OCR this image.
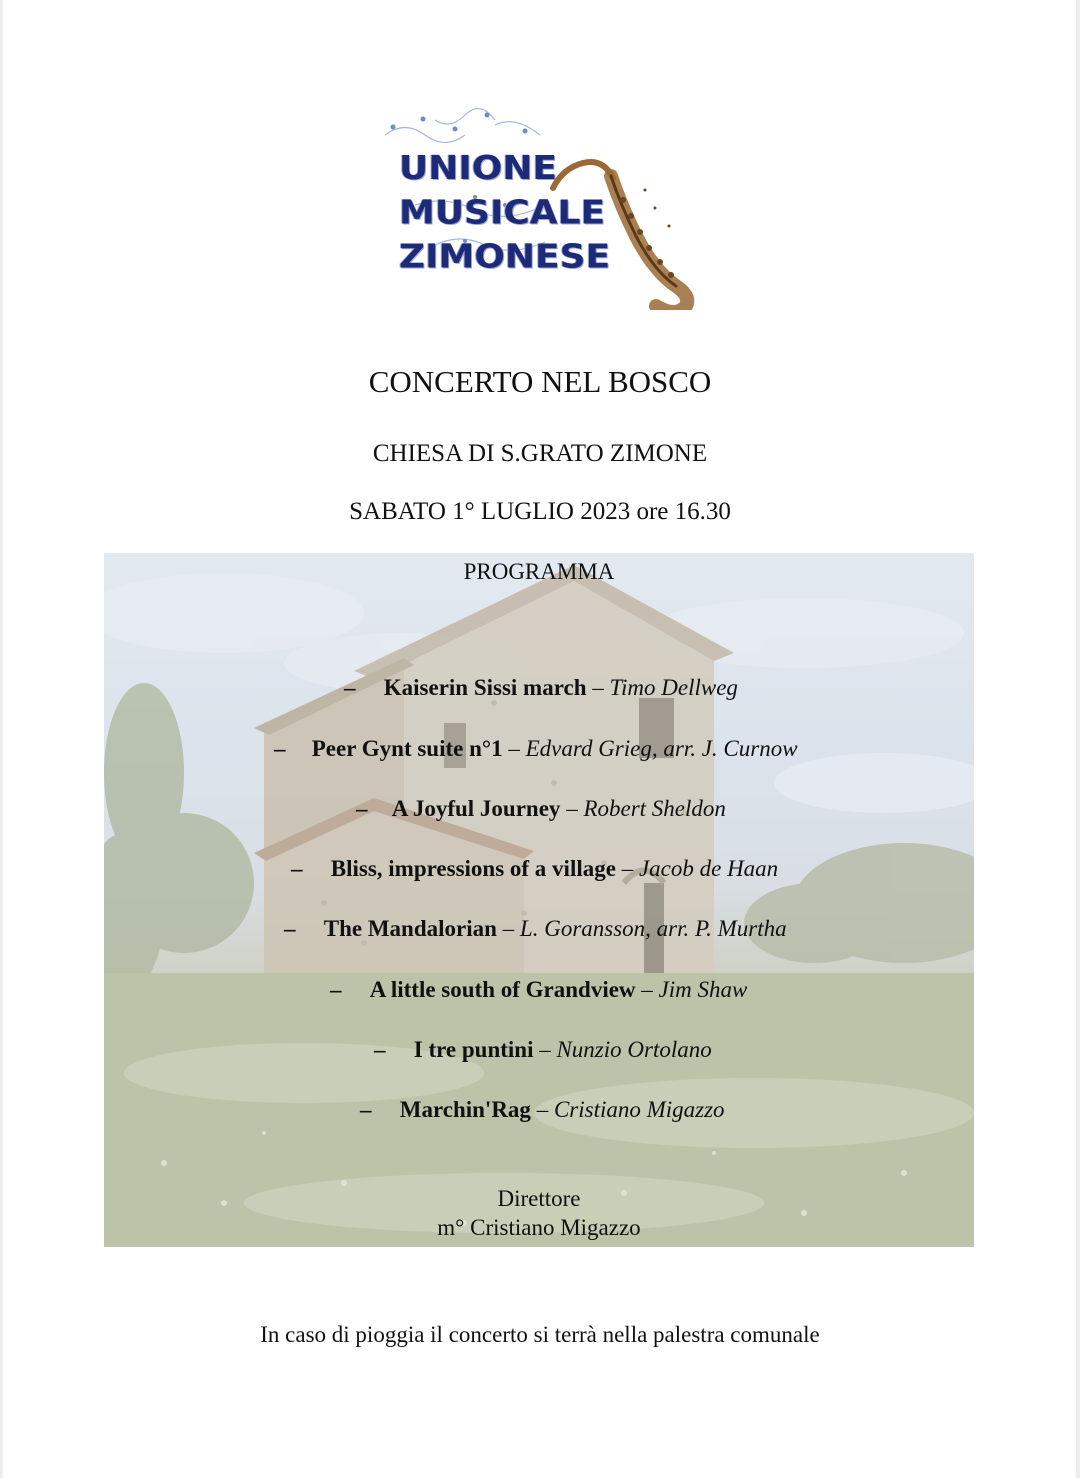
UNIONE
MUSICALE
ZIMONESE
CONCERTO NEL BOSCO
CHIESA DI S.GRATO ZIMONE
SABATO 1° LUGLIO 2023 ore 16.30
PROGRAMMA
– Kaiserin Sissi march – Timo Dellweg
– Peer Gynt suite n°1 – Edvard Grieg, arr. J. Curnow
– A Joyful Journey – Robert Sheldon
– Bliss, impressions of a village – Jacob de Haan
– The Mandalorian – L. Goransson, arr. P. Murtha
– A little south of Grandview – Jim Shaw
– I tre puntini – Nunzio Ortolano
– Marchin'Rag – Cristiano Migazzo
Direttore
m° Cristiano Migazzo
In caso di pioggia il concerto si terrà nella palestra comunale
